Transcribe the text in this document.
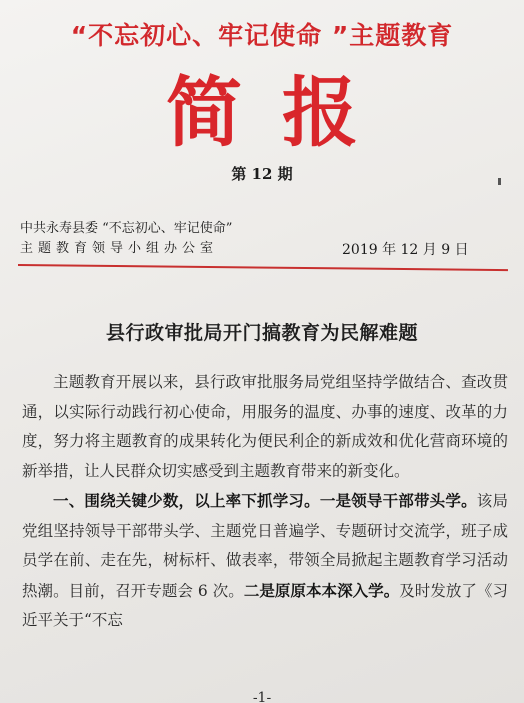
“不忘初心、牢记使命 ”主题教育
简报
第 12 期
中共永寿县委 “不忘初心、牢记使命”
主题教育领导小组办公室	2019 年 12 月 9 日
县行政审批局开门搞教育为民解难题

主题教育开展以来，县行政审批服务局党组坚持学做结合、查改贯通，以实际行动践行初心使命，用服务的温度、办事的速度、改革的力度，努力将主题教育的成果转化为便民利企的新成效和优化营商环境的新举措，让人民群众切实感受到主题教育带来的新变化。

一、围绕关键少数，以上率下抓学习。一是领导干部带头学。该局党组坚持领导干部带头学、主题党日普遍学、专题研讨交流学，班子成员学在前、走在先，树标杆、做表率，带领全局掀起主题教育学习活动热潮。目前，召开专题会 6 次。二是原原本本深入学。及时发放了《习近平关于“不忘

-1-
